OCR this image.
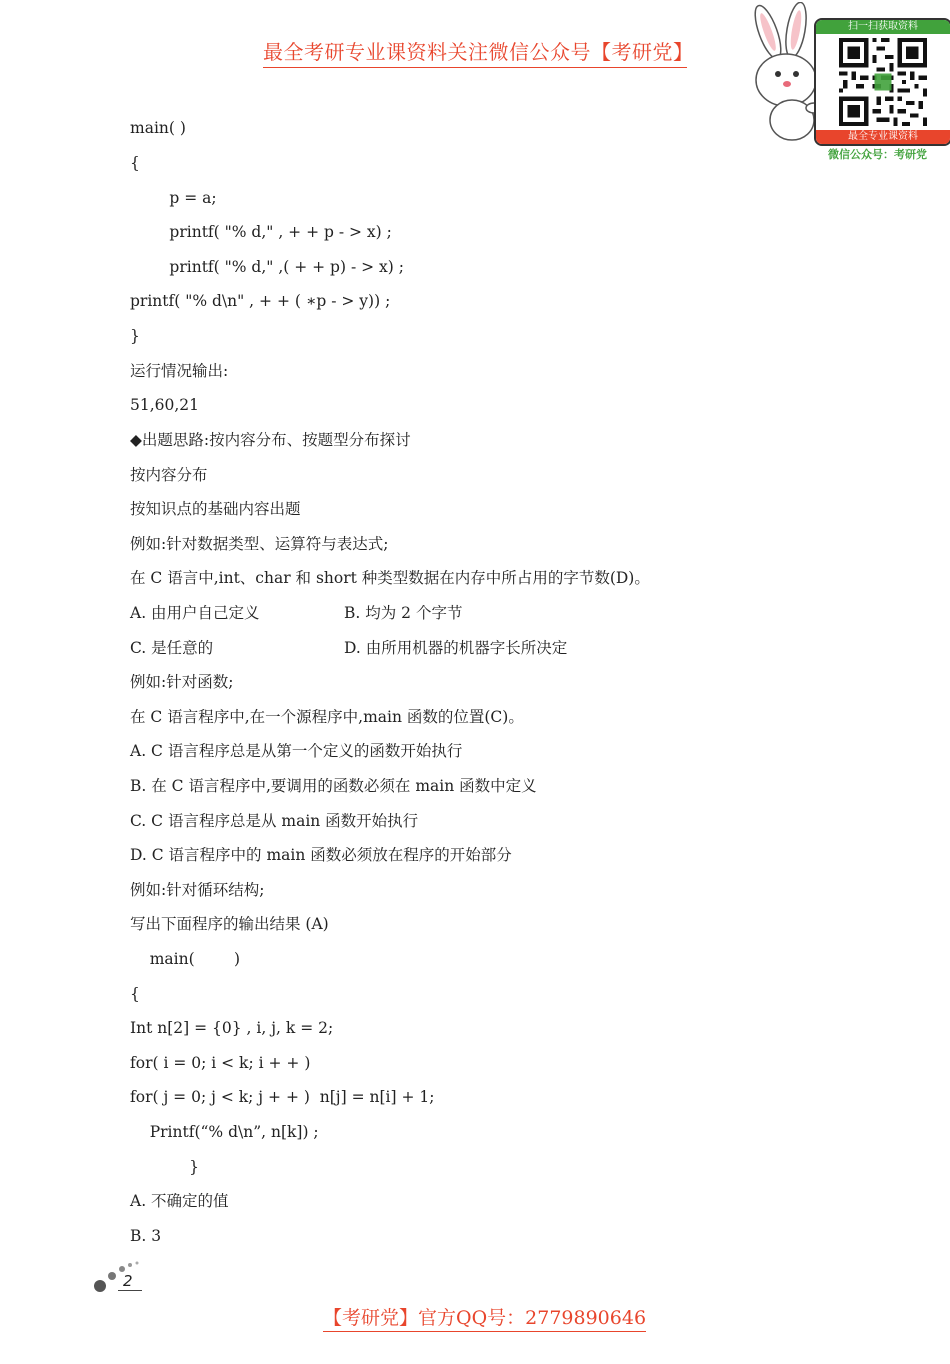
最全考研专业课资料关注微信公众号【考研党】
扫一扫获取资料
最全专业课资料
微信公众号：考研党
main( )
{
p = a;
printf( "% d," , + + p - > x) ;
printf( "% d," ,( + + p) - > x) ;
printf( "% d\n" , + + ( ∗p - > y)) ;
}
运行情况输出:
51,60,21
◆出题思路:按内容分布、按题型分布探讨
按内容分布
按知识点的基础内容出题
例如:针对数据类型、运算符与表达式;
在 C 语言中,int、char 和 short 种类型数据在内存中所占用的字节数(D)。
A. 由用户自己定义	B. 均为 2 个字节
C. 是任意的	D. 由所用机器的机器字长所决定
例如:针对函数;
在 C 语言程序中,在一个源程序中,main 函数的位置(C)。
A. C 语言程序总是从第一个定义的函数开始执行
B. 在 C 语言程序中,要调用的函数必须在 main 函数中定义
C. C 语言程序总是从 main 函数开始执行
D. C 语言程序中的 main 函数必须放在程序的开始部分
例如:针对循环结构;
写出下面程序的输出结果 (A)
main(        )
{
Int n[2] = {0} , i, j, k = 2;
for( i = 0; i < k; i + + )
for( j = 0; j < k; j + + )  n[j] = n[i] + 1;
Printf(“% d\n”, n[k]) ;
}
A. 不确定的值
B. 3
2
【考研党】官方QQ号：2779890646
